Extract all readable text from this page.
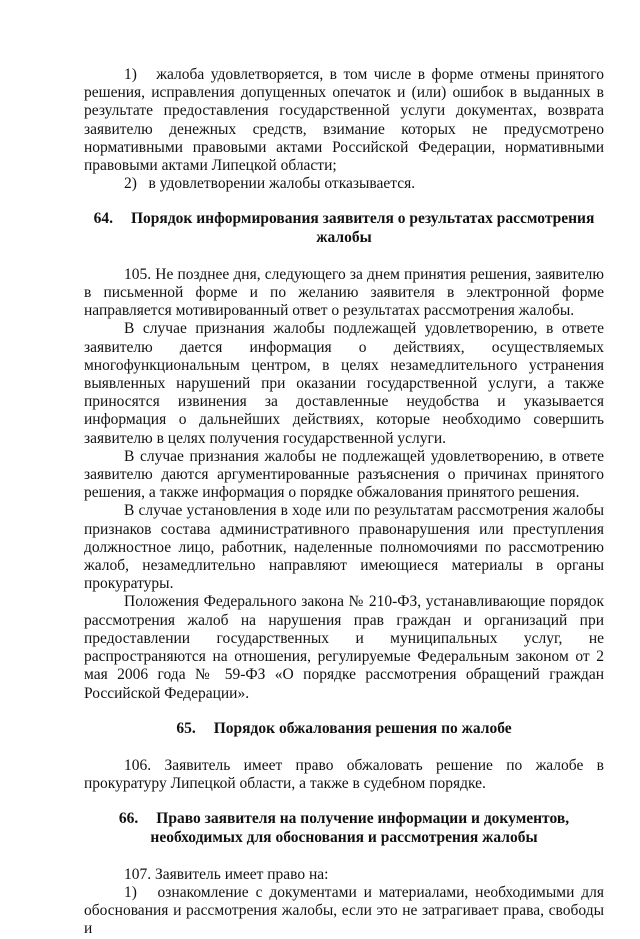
1)   жалоба удовлетворяется, в том числе в форме отмены принятого решения, исправления допущенных опечаток и (или) ошибок в выданных в результате предоставления государственной услуги документах, возврата заявителю денежных средств, взимание которых не предусмотрено нормативными правовыми актами Российской Федерации, нормативными правовыми актами Липецкой области;

2)   в удовлетворении жалобы отказывается.

64. Порядок информирования заявителя о результатах рассмотрения жалобы

105. Не позднее дня, следующего за днем принятия решения, заявителю в письменной форме и по желанию заявителя в электронной форме направляется мотивированный ответ о результатах рассмотрения жалобы.

В случае признания жалобы подлежащей удовлетворению, в ответе заявителю дается информация о действиях, осуществляемых многофункциональным центром, в целях незамедлительного устранения выявленных нарушений при оказании государственной услуги, а также приносятся извинения за доставленные неудобства и указывается информация о дальнейших действиях, которые необходимо совершить заявителю в целях получения государственной услуги.

В случае признания жалобы не подлежащей удовлетворению, в ответе заявителю даются аргументированные разъяснения о причинах принятого решения, а также информация о порядке обжалования принятого решения.

В случае установления в ходе или по результатам рассмотрения жалобы признаков состава административного правонарушения или преступления должностное лицо, работник, наделенные полномочиями по рассмотрению жалоб, незамедлительно направляют имеющиеся материалы в органы прокуратуры.

Положения Федерального закона № 210-ФЗ, устанавливающие порядок рассмотрения жалоб на нарушения прав граждан и организаций при предоставлении государственных и муниципальных услуг, не распространяются на отношения, регулируемые Федеральным законом от 2 мая 2006 года № 59-ФЗ «О порядке рассмотрения обращений граждан Российской Федерации».

65. Порядок обжалования решения по жалобе

106. Заявитель имеет право обжаловать решение по жалобе в прокуратуру Липецкой области, а также в судебном порядке.

66. Право заявителя на получение информации и документов, необходимых для обоснования и рассмотрения жалобы

107. Заявитель имеет право на:

1)   ознакомление с документами и материалами, необходимыми для обоснования и рассмотрения жалобы, если это не затрагивает права, свободы и
